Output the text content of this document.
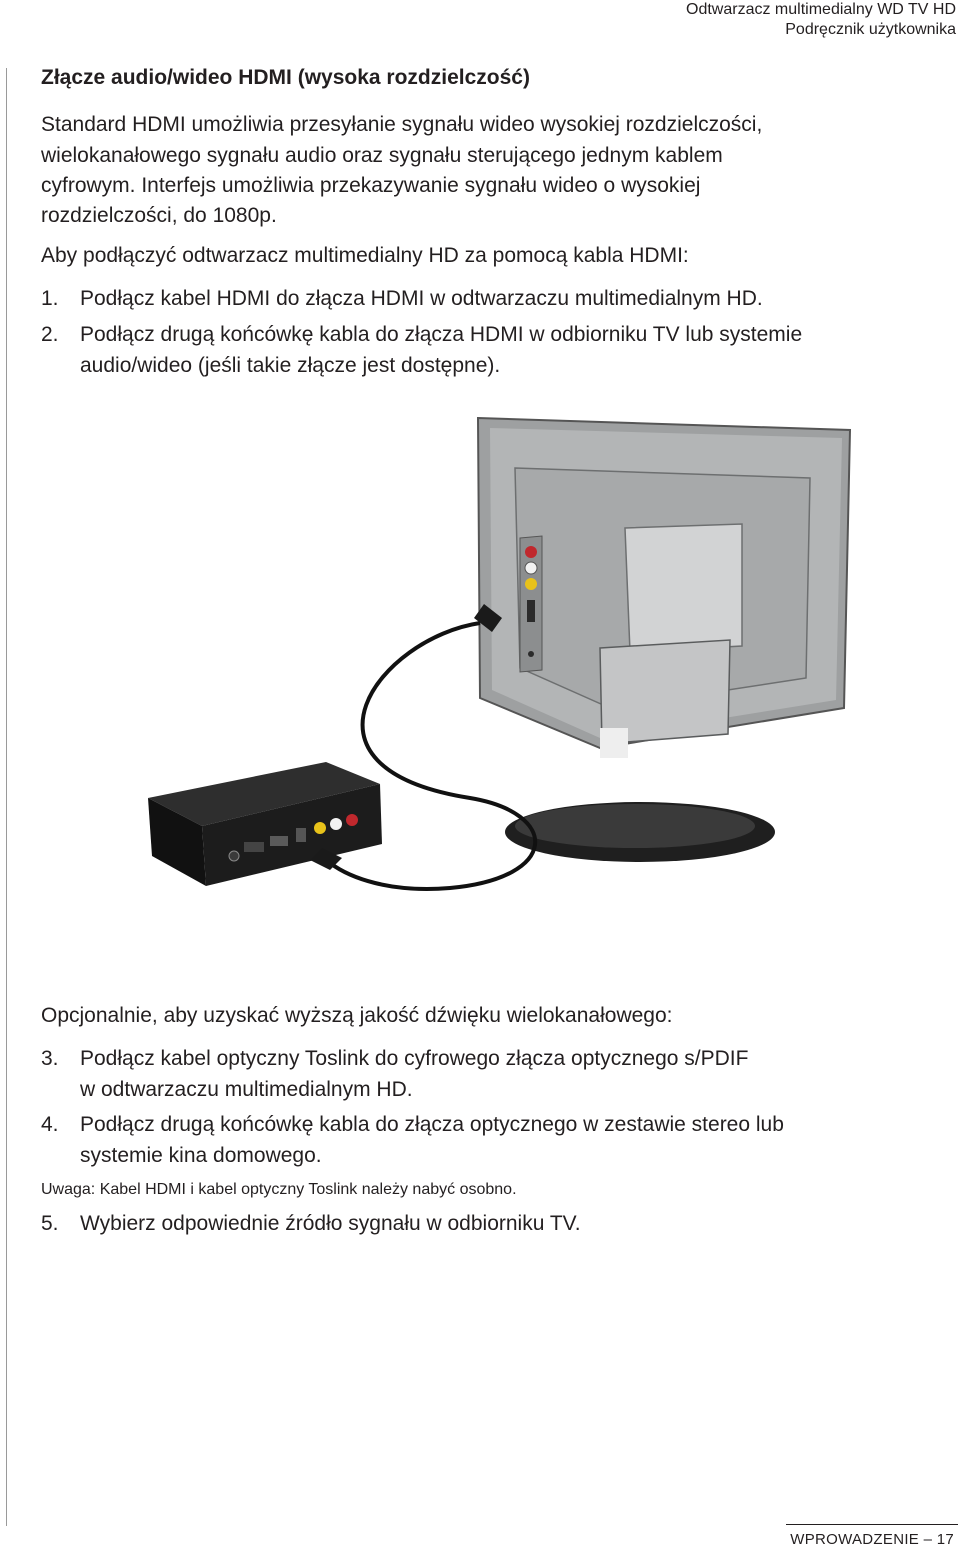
Odtwarzacz multimedialny WD TV HD
Podręcznik użytkownika
Złącze audio/wideo HDMI (wysoka rozdzielczość)

Standard HDMI umożliwia przesyłanie sygnału wideo wysokiej rozdzielczości,

wielokanałowego sygnału audio oraz sygnału sterującego jednym kablem

cyfrowym. Interfejs umożliwia przekazywanie sygnału wideo o wysokiej

rozdzielczości, do 1080p.

Aby podłączyć odtwarzacz multimedialny HD za pomocą kabla HDMI:

1. Podłącz kabel HDMI do złącza HDMI w odtwarzaczu multimedialnym HD.
2. Podłącz drugą końcówkę kabla do złącza HDMI w odbiorniku TV lub systemie
audio/wideo (jeśli takie złącze jest dostępne).

Opcjonalnie, aby uzyskać wyższą jakość dźwięku wielokanałowego:

3. Podłącz kabel optyczny Toslink do cyfrowego złącza optycznego s/PDIF
w odtwarzaczu multimedialnym HD.
4. Podłącz drugą końcówkę kabla do złącza optycznego w zestawie stereo lub
systemie kina domowego.
Uwaga: Kabel HDMI i kabel optyczny Toslink należy nabyć osobno.
5. Wybierz odpowiednie źródło sygnału w odbiorniku TV.
WPROWADZENIE – 17
